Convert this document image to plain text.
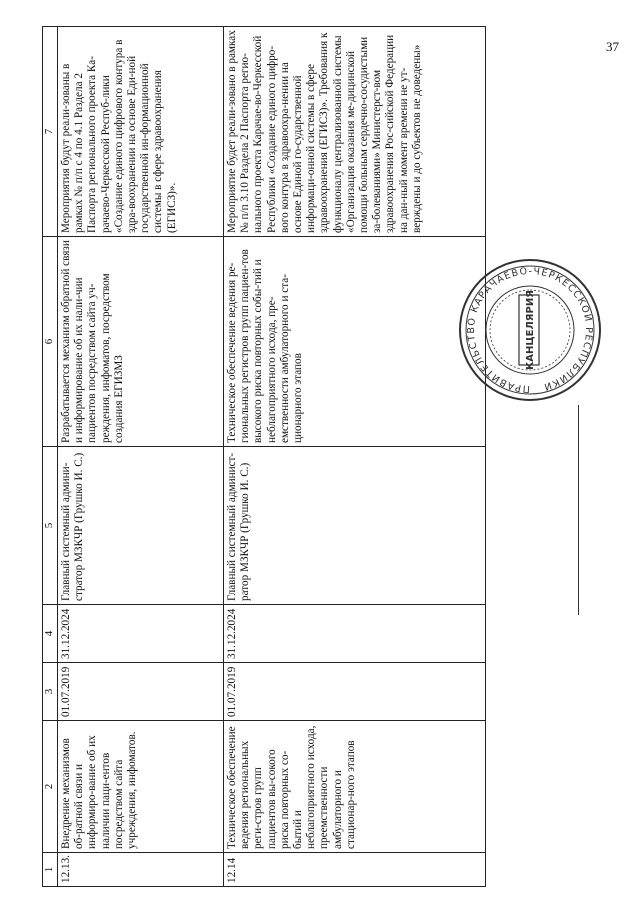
37
1	2	3	4	5	6	7
12.13.	Внедрение механизмов об-ратной связи и информиро-вание об их наличии паци-ентов посредством сайта учреждения, инфоматов.	01.07.2019	31.12.2024	Главный системный админи-стратор МЗКЧР (Грушко И. С.)	Разрабатывается механизм обратной связи и информирование об их нали-чии пациентов посредством сайта уч-реждения, инфоматов, посредством создания ЕГИЗМЗ	Мероприятия будут реали-зованы в рамках № п/п с 4 по 4.1 Раздела 2 Паспорта регионального проекта Ка-рачаево-Черкесской Респуб-лики «Создание единого цифрового контура в здра-воохранении на основе Еди-ной государственной ин-формационной системы в сфере здравоохранения (ЕГИСЗ)».
12.14	Техническое обеспечение ведения региональных реги-стров групп пациентов вы-сокого риска повторных со-бытий и неблагоприятного исхода, преемственности амбулаторного и стационар-ного этапов	01.07.2019	31.12.2024	Главный системный админист-ратор МЗКЧР (Грушко И. С.)	Техническое обеспечение ведения ре-гиональных регистров групп пациен-тов высокого риска повторных собы-тий и неблагоприятного исхода, пре-емственности амбулаторного и ста-ционарного этапов	Мероприятие будет реали-зовано в рамках № п/п 3.10 Раздела 2 Паспорта регио-нального проекта Карачае-во-Черкесской Республики «Создание единого цифро-вого контура в здравоохра-нении на основе Единой го-сударственной информаци-онной системы в сфере здравоохранения (ЕГИСЗ)». Требования к функционалу централизованной системы «Организация оказания ме-дицинской помощи больным сердечно-сосудистыми за-болеваниями» Министерст-вом здравоохранения Рос-сийской Федерации на дан-ный момент времени не ут-верждены и до субъектов не доведены»
ПРАВИТЕЛЬСТВО КАРАЧАЕВО-ЧЕРКЕССКОЙ РЕСПУБЛИКИ
КАНЦЕЛЯРИЯ
